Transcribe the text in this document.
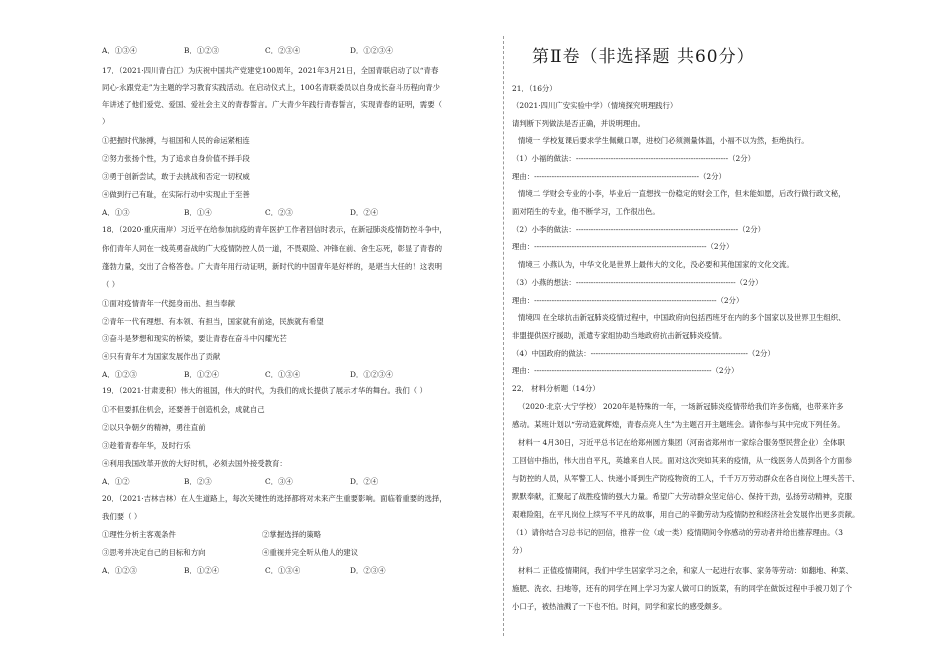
A．①③④	B．①②③	C．②③④	D．①②③④
17．（2021·四川青白江）为庆祝中国共产党建党100周年，2021年3月21日，全国青联启动了以“青春
同心·永跟党走”为主题的学习教育实践活动。在启动仪式上，100名青联委员以自身成长奋斗历程向青少
年讲述了他们爱党、爱国、爱社会主义的青春誓言。广大青少年践行青春誓言，实现青春的证明，需要（
）
①把握时代脉搏，与祖国和人民的命运紧相连
②努力张扬个性，为了追求自身价值不择手段
③勇于创新尝试，敢于去挑战和否定一切权威
④做到行己有耻，在实际行动中实现止于至善
A．①③	B．①④	C．②③	D．②④
18．（2020·重庆南岸）习近平在给参加抗疫的青年医护工作者回信时表示，在新冠肺炎疫情防控斗争中，
你们青年人同在一线英勇奋战的广大疫情防控人员一道，不畏艰险、冲锋在前、舍生忘死，彰显了青春的
蓬勃力量，交出了合格答卷。广大青年用行动证明，新时代的中国青年是好样的，是堪当大任的！这表明
（ ）
①面对疫情青年一代挺身而出、担当奉献
②青年一代有理想、有本领、有担当，国家就有前途，民族就有希望
③奋斗是梦想和现实的桥梁，要让青春在奋斗中闪耀光芒
④只有青年才为国家发展作出了贡献
A．①②③	B．①②④	C．①③④	D．①②③④
19．（2021·甘肃麦积）伟大的祖国，伟大的时代，为我们的成长提供了展示才华的舞台。我们（ ）
①不但要抓住机会，还要善于创造机会，成就自己
②以只争朝夕的精神，勇往直前
③趁着青春年华，及时行乐
④利用我国改革开放的大好时机，必须去国外接受教育：
A．①②	B．②③	C．③④	D．②④
20．（2021·吉林吉林）在人生道路上，每次关键性的选择都将对未来产生重要影响。面临着重要的选择，
我们要（ ）
①理性分析主客观条件	②掌握选择的策略
③思考并决定自己的目标和方向	④重视并完全听从他人的建议
A．①②③	B．①②④	C．①③④	D．②③④
第Ⅱ卷（非选择题 共60分）
21．（16分）
（2021·四川广安实验中学）（情境探究明理践行）
请判断下列做法是否正确，并说明理由。
情境一 学校复课后要求学生佩戴口罩，进校门必须测量体温，小福不以为然，拒绝执行。
（1）小福的做法：-------------------------------------------------------------（2分）
理由：------------------------------------------------------------------（2分）
情境二 学财会专业的小李，毕业后一直想找一份稳定的财会工作，但未能如愿，后改行做行政文秘，
面对陌生的专业，他不断学习，工作很出色。
（2）小李的做法：-----------------------------------------------------------------（2分）
理由：---------------------------------------------------------------------（2分）
情境三 小燕认为，中华文化是世界上最伟大的文化，没必要和其他国家的文化交流。
（3）小燕的想法：----------------------------------------------------------------（2分）
理由：-------------------------------------------------------------------------（2分）
情境四 在全球抗击新冠肺炎疫情过程中，中国政府向包括西班牙在内的多个国家以及世界卫生组织、
非盟提供医疗援助，派遣专家组协助当地政府抗击新冠肺炎疫情。
（4）中国政府的做法：---------------------------------------------------------------（2分）
理由：-----------------------------------------------------------------------（2分）
22． 材料分析题（14分）
（2020·北京·大宁学校） 2020年是特殊的一年，一场新冠肺炎疫情带给我们许多伤痛，也带来许多
感动。某班计划以“劳动造就辉煌，青春点亮人生”为主题召开主题班会。请你参与其中完成下列任务。
材料一 4月30日，习近平总书记在给郑州圆方集团（河南省郑州市一家综合服务型民营企业）全体职
工回信中指出，伟大出自平凡，英雄来自人民。面对这次突如其来的疫情，从一线医务人员到各个方面参
与防控的人员，从军警工人、快递小哥到生产防疫物资的工人，千千万万劳动群众在各自岗位上埋头苦干、
默默奉献，汇聚起了战胜疫情的强大力量。希望广大劳动群众坚定信心、保持干劲，弘扬劳动精神，克服
艰难险阻，在平凡岗位上续写不平凡的故事，用自己的辛勤劳动为疫情防控和经济社会发展作出更多贡献。
（1）请你结合习总书记的回信，推荐一位（或一类）疫情期间令你感动的劳动者并给出推荐理由。（3
分）
材料二 正值疫情期间，我们中学生居家学习之余，和家人一起进行农事、家务等劳动：如翻地、种菜、
施肥、洗衣、扫地等，还有的同学在网上学习为家人做可口的饭菜，有的同学在做饭过程中手被刀划了个
小口子，被热油溅了一下也不怕。时间，同学和家长的感受颇多。
